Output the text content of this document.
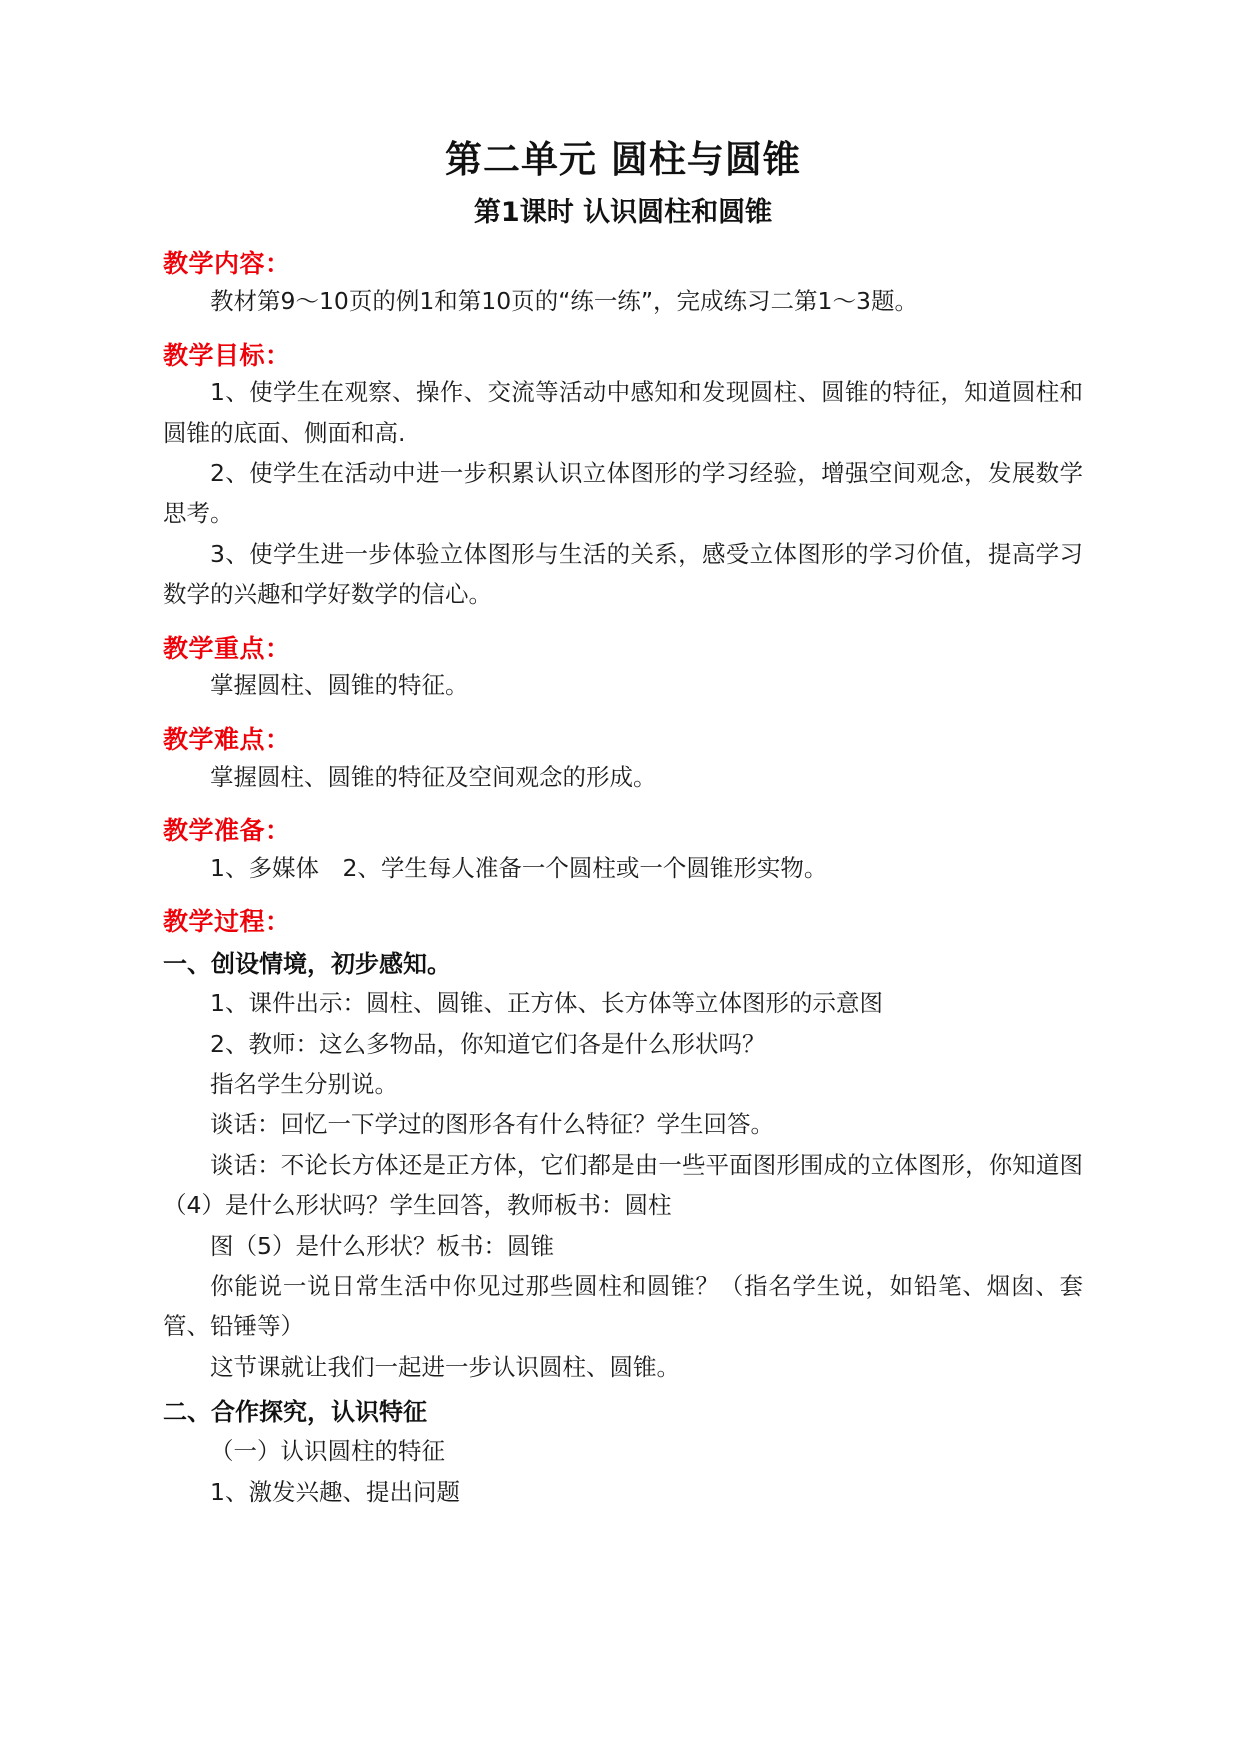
第二单元 圆柱与圆锥
第1课时 认识圆柱和圆锥

教学内容：

教材第9～10页的例1和第10页的“练一练”，完成练习二第1～3题。

教学目标：

1、使学生在观察、操作、交流等活动中感知和发现圆柱、圆锥的特征，知道圆柱和圆锥的底面、侧面和高.

2、使学生在活动中进一步积累认识立体图形的学习经验，增强空间观念，发展数学思考。

3、使学生进一步体验立体图形与生活的关系，感受立体图形的学习价值，提高学习数学的兴趣和学好数学的信心。

教学重点：

掌握圆柱、圆锥的特征。

教学难点：

掌握圆柱、圆锥的特征及空间观念的形成。

教学准备：

1、多媒体　2、学生每人准备一个圆柱或一个圆锥形实物。

教学过程：

一、创设情境，初步感知。

1、课件出示：圆柱、圆锥、正方体、长方体等立体图形的示意图

2、教师：这么多物品，你知道它们各是什么形状吗？

指名学生分别说。

谈话：回忆一下学过的图形各有什么特征？学生回答。

谈话：不论长方体还是正方体，它们都是由一些平面图形围成的立体图形，你知道图（4）是什么形状吗？学生回答，教师板书：圆柱

图（5）是什么形状？板书：圆锥

你能说一说日常生活中你见过那些圆柱和圆锥？（指名学生说，如铅笔、烟囱、套管、铅锤等）

这节课就让我们一起进一步认识圆柱、圆锥。

二、合作探究，认识特征

（一）认识圆柱的特征

1、激发兴趣、提出问题
